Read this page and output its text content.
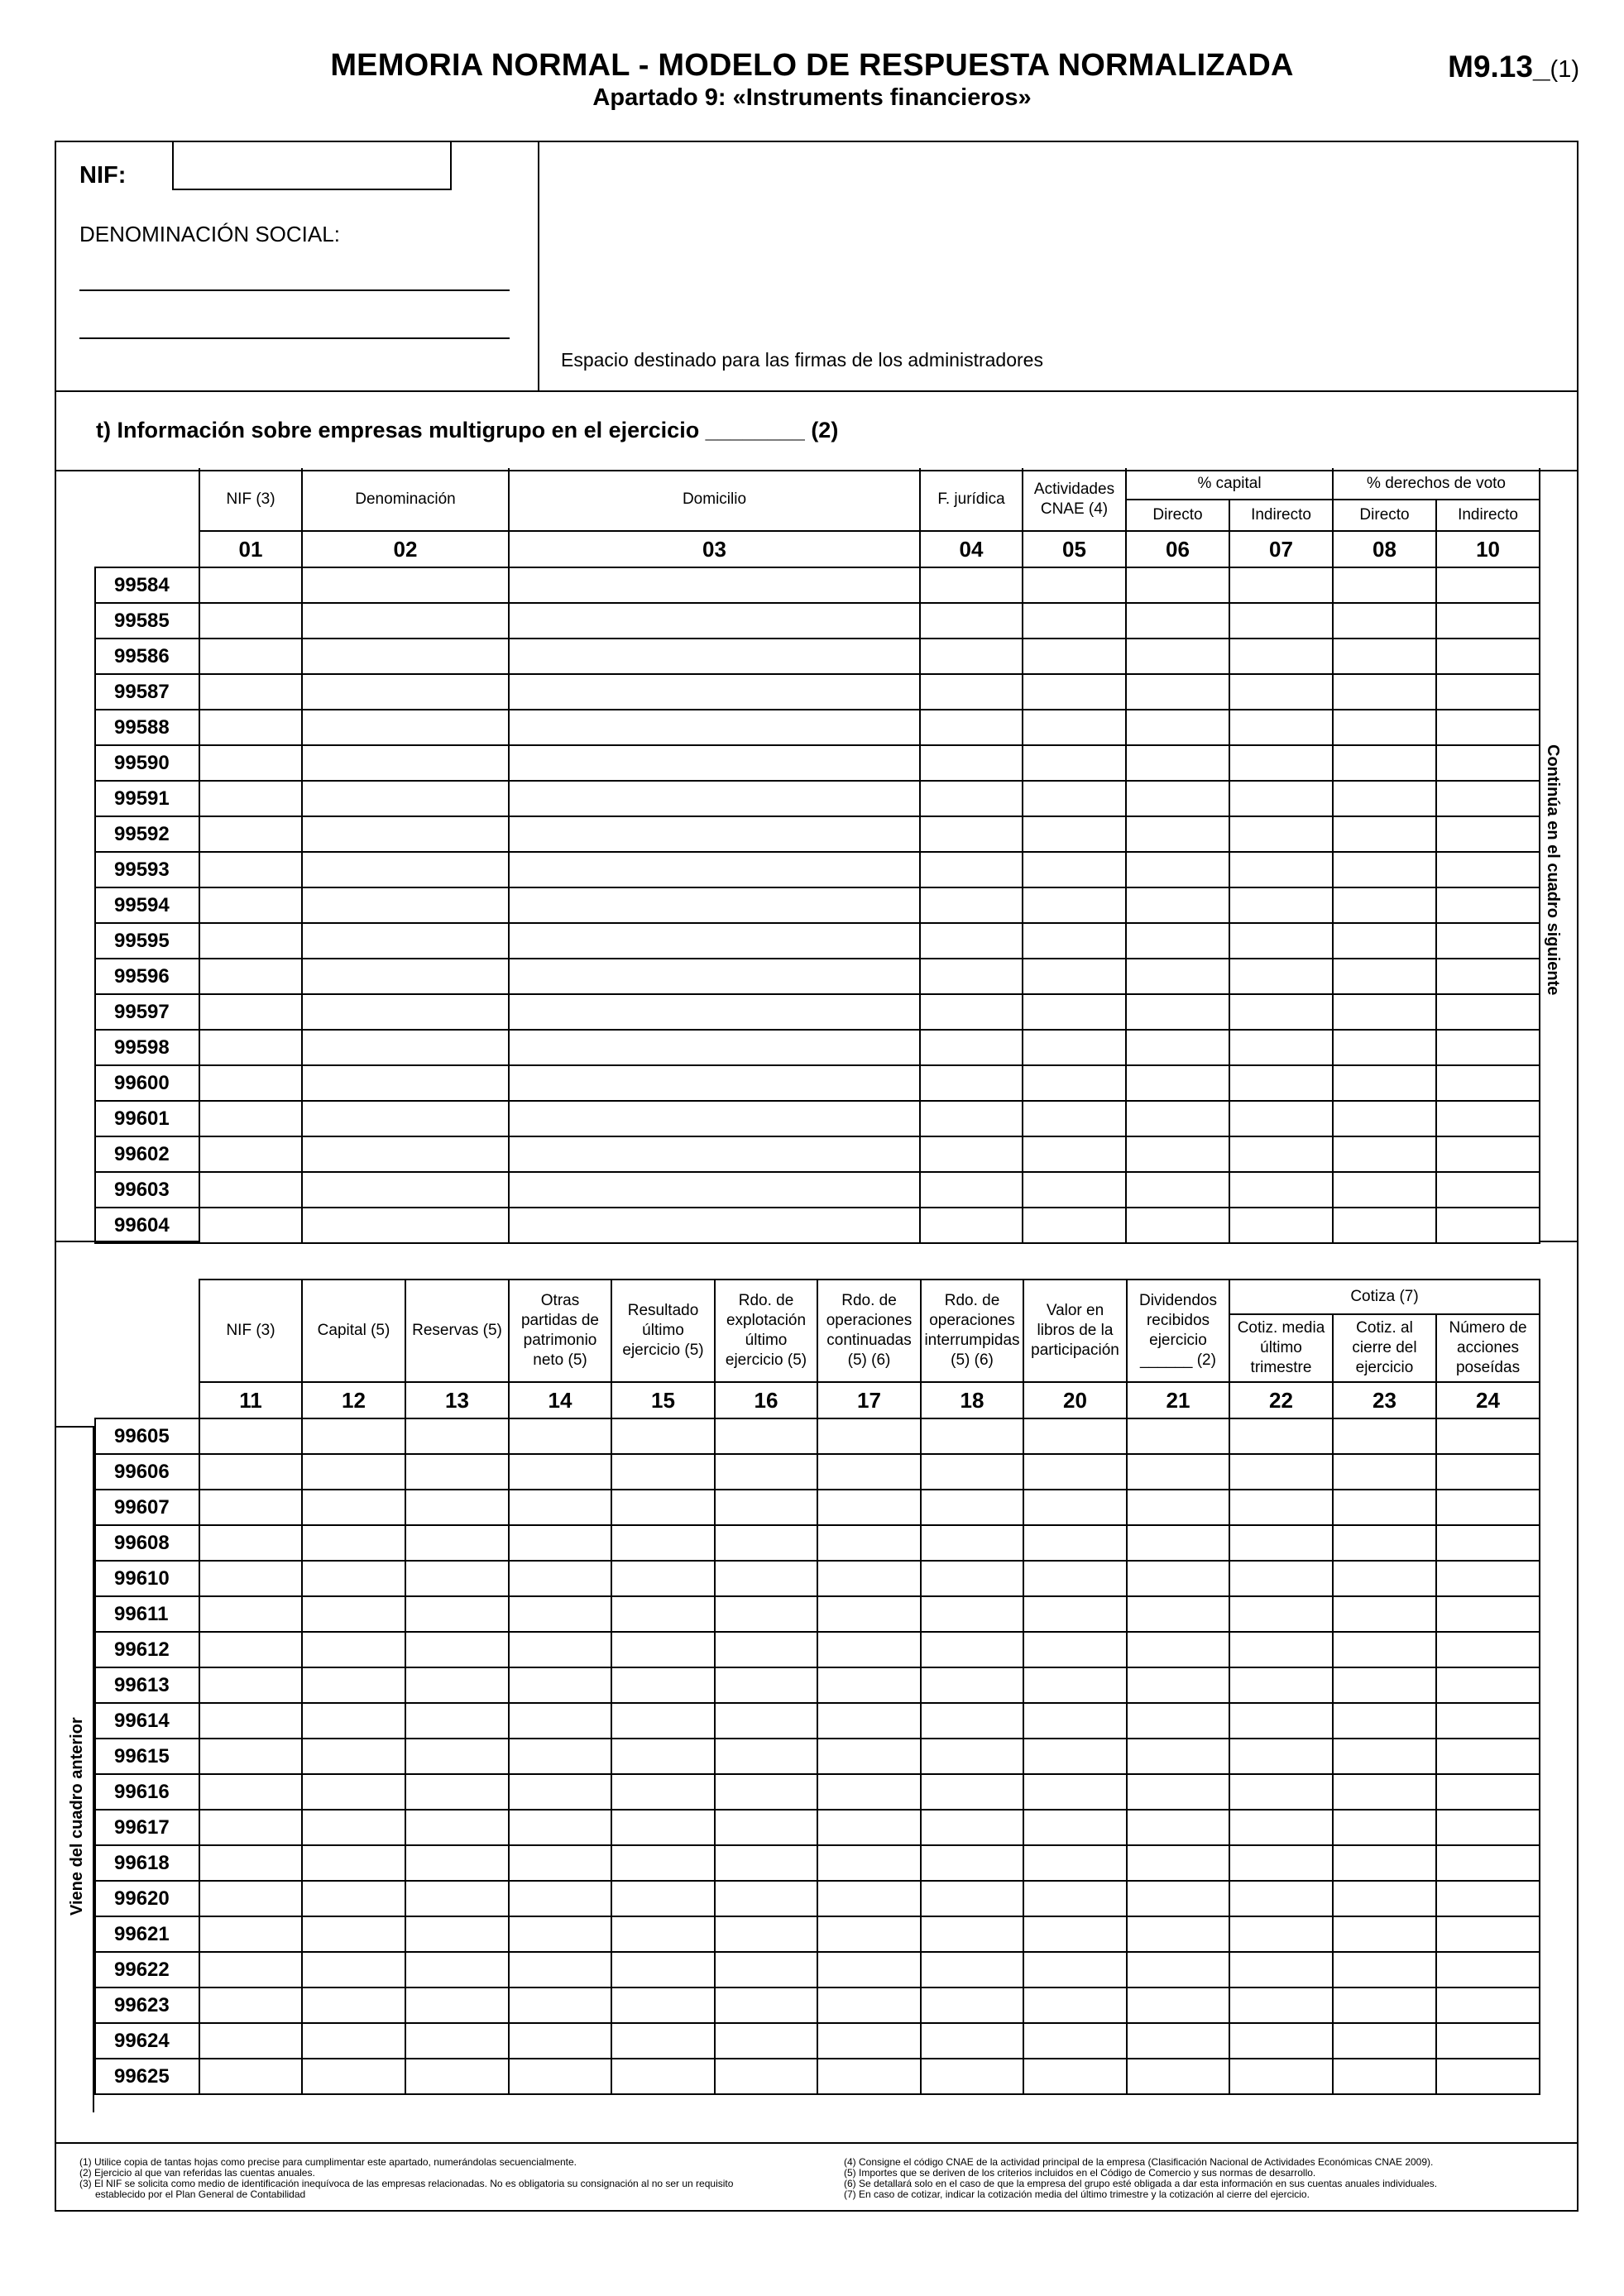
MEMORIA NORMAL - MODELO DE RESPUESTA NORMALIZADA
Apartado 9: «Instruments financieros»
M9.13_(1)
NIF:
DENOMINACIÓN SOCIAL:
Espacio destinado para las firmas de los administradores
t) Información sobre empresas multigrupo en el ejercicio ________ (2)
	NIF (3)	Denominación	Domicilio	F. jurídica	Actividades CNAE (4)	% capital		% derechos de voto	
						Directo	Indirecto	Directo	Indirecto
	01	02	03	04	05	06	07	08	10
99584									
99585									
99586									
99587									
99588									
99590									
99591									
99592									
99593									
99594									
99595									
99596									
99597									
99598									
99600									
99601									
99602									
99603									
99604									
Continúa en el cuadro siguiente
	NIF (3)	Capital (5)	Reservas (5)	Otras partidas de patrimonio neto (5)	Resultado último ejercicio (5)	Rdo. de explotación último ejercicio (5)	Rdo. de operaciones continuadas (5) (6)	Rdo. de operaciones interrumpidas (5) (6)	Valor en libros de la participación	Dividendos recibidos ejercicio ______ (2)	Cotiza (7)		
											Cotiz. media último trimestre	Cotiz. al cierre del ejercicio	Número de acciones poseídas
	11	12	13	14	15	16	17	18	20	21	22	23	24
99605													
99606													
99607													
99608													
99610													
99611													
99612													
99613													
99614													
99615													
99616													
99617													
99618													
99620													
99621													
99622													
99623													
99624													
99625													
Viene del cuadro anterior
(1) Utilice copia de tantas hojas como precise para cumplimentar este apartado, numerándolas secuencialmente.
(2) Ejercicio al que van referidas las cuentas anuales.
(3) El NIF se solicita como medio de identificación inequívoca de las empresas relacionadas. No es obligatoria su consignación al no ser un requisito
establecido por el Plan General de Contabilidad
(4) Consigne el código CNAE de la actividad principal de la empresa (Clasificación Nacional de Actividades Económicas CNAE 2009).
(5) Importes que se deriven de los criterios incluidos en el Código de Comercio y sus normas de desarrollo.
(6) Se detallará solo en el caso de que la empresa del grupo esté obligada a dar esta información en sus cuentas anuales individuales.
(7) En caso de cotizar, indicar la cotización media del último trimestre y la cotización al cierre del ejercicio.
